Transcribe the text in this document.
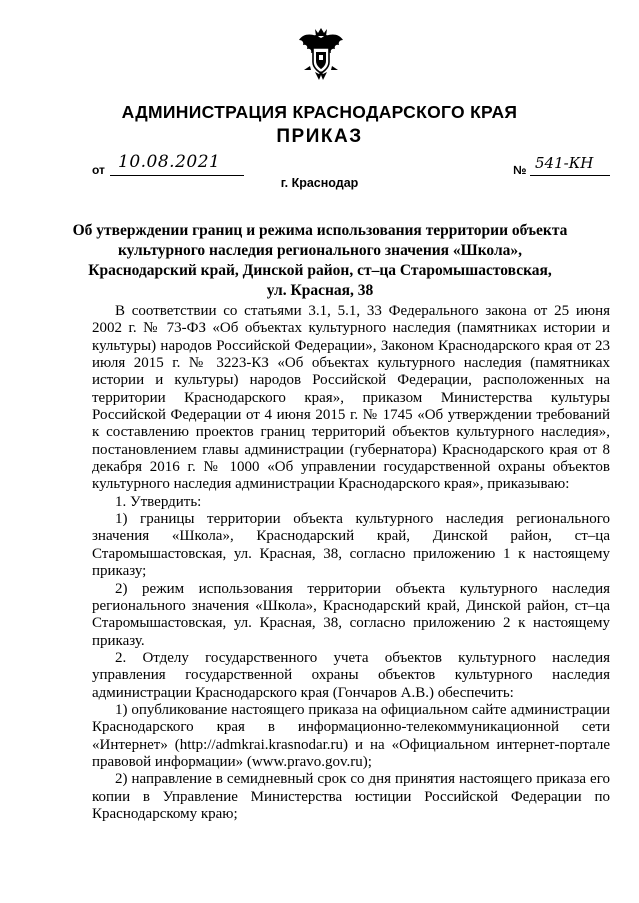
АДМИНИСТРАЦИЯ КРАСНОДАРСКОГО КРАЯ
ПРИКАЗ
от 10.08.2021	№ 541-КН
г. Краснодар
Об утверждении границ и режима использования территории объекта
культурного наследия регионального значения «Школа»,
Краснодарский край, Динской район, ст–ца Старомышастовская,
ул. Красная, 38

В соответствии со статьями 3.1, 5.1, 33 Федерального закона от 25 июня 2002 г. № 73-ФЗ «Об объектах культурного наследия (памятниках истории и культуры) народов Российской Федерации», Законом Краснодарского края от 23 июля 2015 г. № 3223-КЗ «Об объектах культурного наследия (памятниках истории и культуры) народов Российской Федерации, расположенных на территории Краснодарского края», приказом Министерства культуры Российской Федерации от 4 июня 2015 г. № 1745 «Об утверждении требований к составлению проектов границ территорий объектов культурного наследия», постановлением главы администрации (губернатора) Краснодарского края от 8 декабря 2016 г. № 1000 «Об управлении государственной охраны объектов культурного наследия администрации Краснодарского края», приказываю:

1. Утвердить:

1) границы территории объекта культурного наследия регионального значения «Школа», Краснодарский край, Динской район, ст–ца Старомышастовская, ул. Красная, 38, согласно приложению 1 к настоящему приказу;

2) режим использования территории объекта культурного наследия регионального значения «Школа», Краснодарский край, Динской район, ст–ца Старомышастовская, ул. Красная, 38, согласно приложению 2 к настоящему приказу.

2. Отделу государственного учета объектов культурного наследия управления государственной охраны объектов культурного наследия администрации Краснодарского края (Гончаров А.В.) обеспечить:

1) опубликование настоящего приказа на официальном сайте администрации Краснодарского края в информационно-телекоммуникационной сети «Интернет» (http://admkrai.krasnodar.ru) и на «Официальном интернет-портале правовой информации» (www.pravo.gov.ru);

2) направление в семидневный срок со дня принятия настоящего приказа его копии в Управление Министерства юстиции Российской Федерации по Краснодарскому краю;
